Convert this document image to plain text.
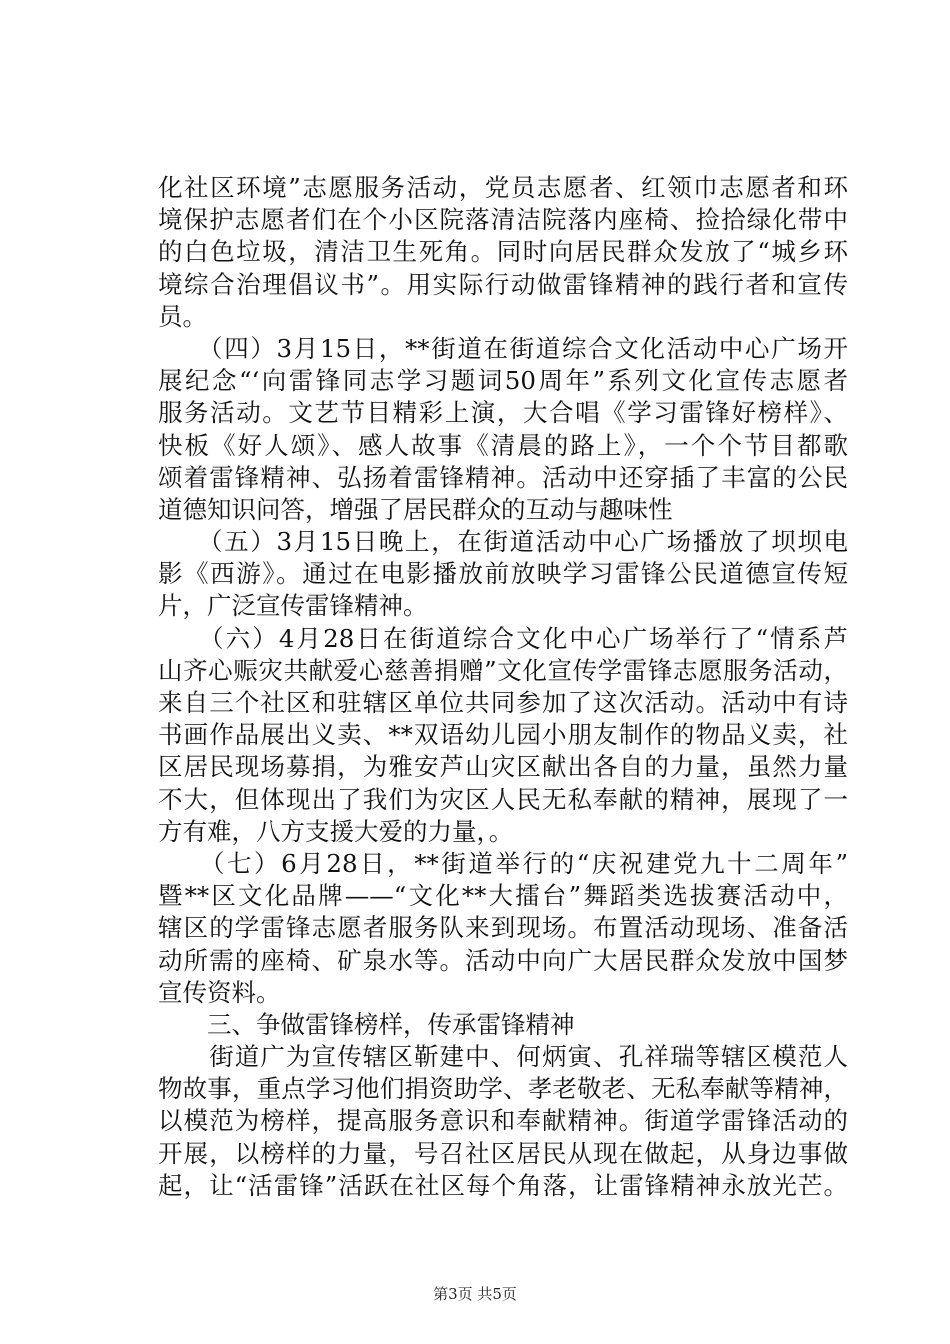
化社区环境”志愿服务活动，党员志愿者、红领巾志愿者和环
境保护志愿者们在个小区院落清洁院落内座椅、捡拾绿化带中
的白色垃圾，清洁卫生死角。同时向居民群众发放了“城乡环
境综合治理倡议书”。用实际行动做雷锋精神的践行者和宣传
员。
　　（四）3月15日，**街道在街道综合文化活动中心广场开
展纪念“‘向雷锋同志学习题词50周年”系列文化宣传志愿者
服务活动。文艺节目精彩上演，大合唱《学习雷锋好榜样》、
快板《好人颂》、感人故事《清晨的路上》，一个个节目都歌
颂着雷锋精神、弘扬着雷锋精神。活动中还穿插了丰富的公民
道德知识问答，增强了居民群众的互动与趣味性
　　（五）3月15日晚上，在街道活动中心广场播放了坝坝电
影《西游》。通过在电影播放前放映学习雷锋公民道德宣传短
片，广泛宣传雷锋精神。
　　（六）4月28日在街道综合文化中心广场举行了“情系芦
山齐心赈灾共献爱心慈善捐赠”文化宣传学雷锋志愿服务活动，
来自三个社区和驻辖区单位共同参加了这次活动。活动中有诗
书画作品展出义卖、**双语幼儿园小朋友制作的物品义卖，社
区居民现场募捐，为雅安芦山灾区献出各自的力量，虽然力量
不大，但体现出了我们为灾区人民无私奉献的精神，展现了一
方有难，八方支援大爱的力量，。
　　（七）6月28日，**街道举行的“庆祝建党九十二周年”
暨**区文化品牌——“文化**大擂台”舞蹈类选拔赛活动中，
辖区的学雷锋志愿者服务队来到现场。布置活动现场、准备活
动所需的座椅、矿泉水等。活动中向广大居民群众发放中国梦
宣传资料。
　　三、争做雷锋榜样，传承雷锋精神
　　街道广为宣传辖区靳建中、何炳寅、孔祥瑞等辖区模范人
物故事，重点学习他们捐资助学、孝老敬老、无私奉献等精神，
以模范为榜样，提高服务意识和奉献精神。街道学雷锋活动的
开展，以榜样的力量，号召社区居民从现在做起，从身边事做
起，让“活雷锋”活跃在社区每个角落，让雷锋精神永放光芒。
第3页 共5页
